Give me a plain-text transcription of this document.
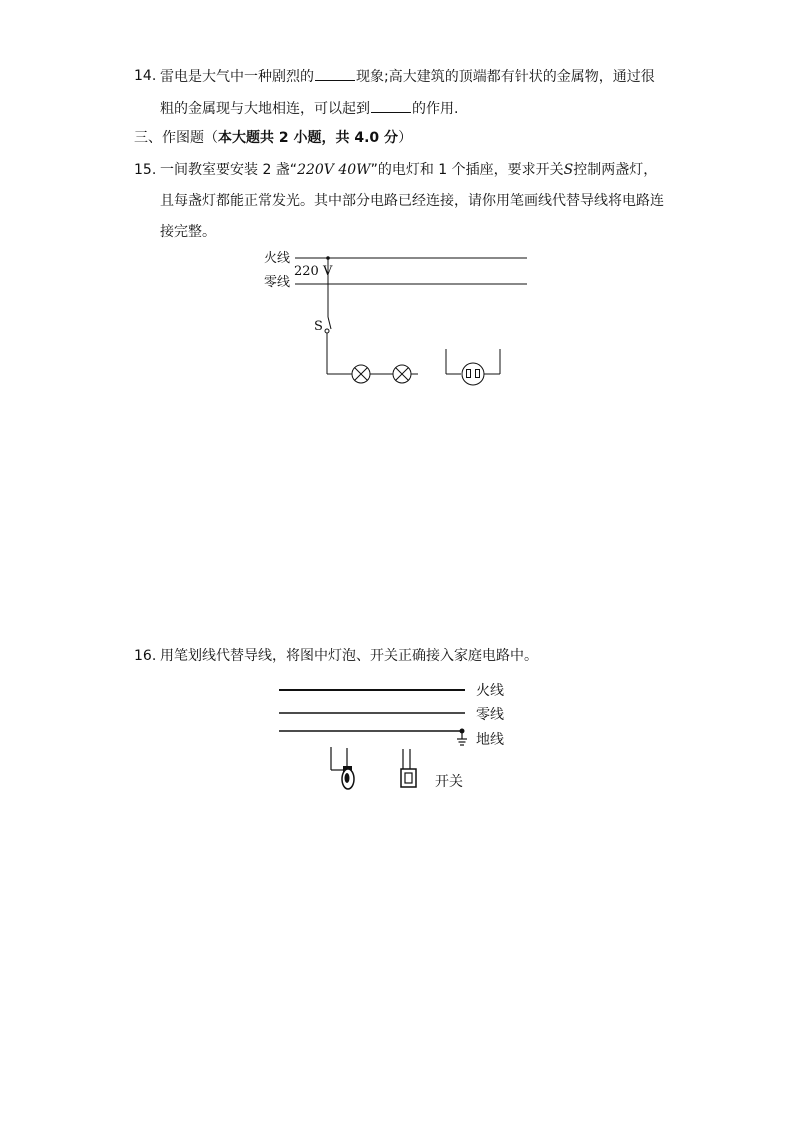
14. 雷电是大气中一种剧烈的	现象;高大建筑的顶端都有针状的金属物，通过很
粗的金属现与大地相连，可以起到	的作用.
三、作图题（本大题共 2 小题，共 4.0 分）
15. 一间教室要安装 2 盏“220V 40W”的电灯和 1 个插座，要求开关S控制两盏灯，
且每盏灯都能正常发光。其中部分电路已经连接，请你用笔画线代替导线将电路连
接完整。
火线
零线
220 V
S
16. 用笔划线代替导线，将图中灯泡、开关正确接入家庭电路中。
火线
零线
地线
开关
